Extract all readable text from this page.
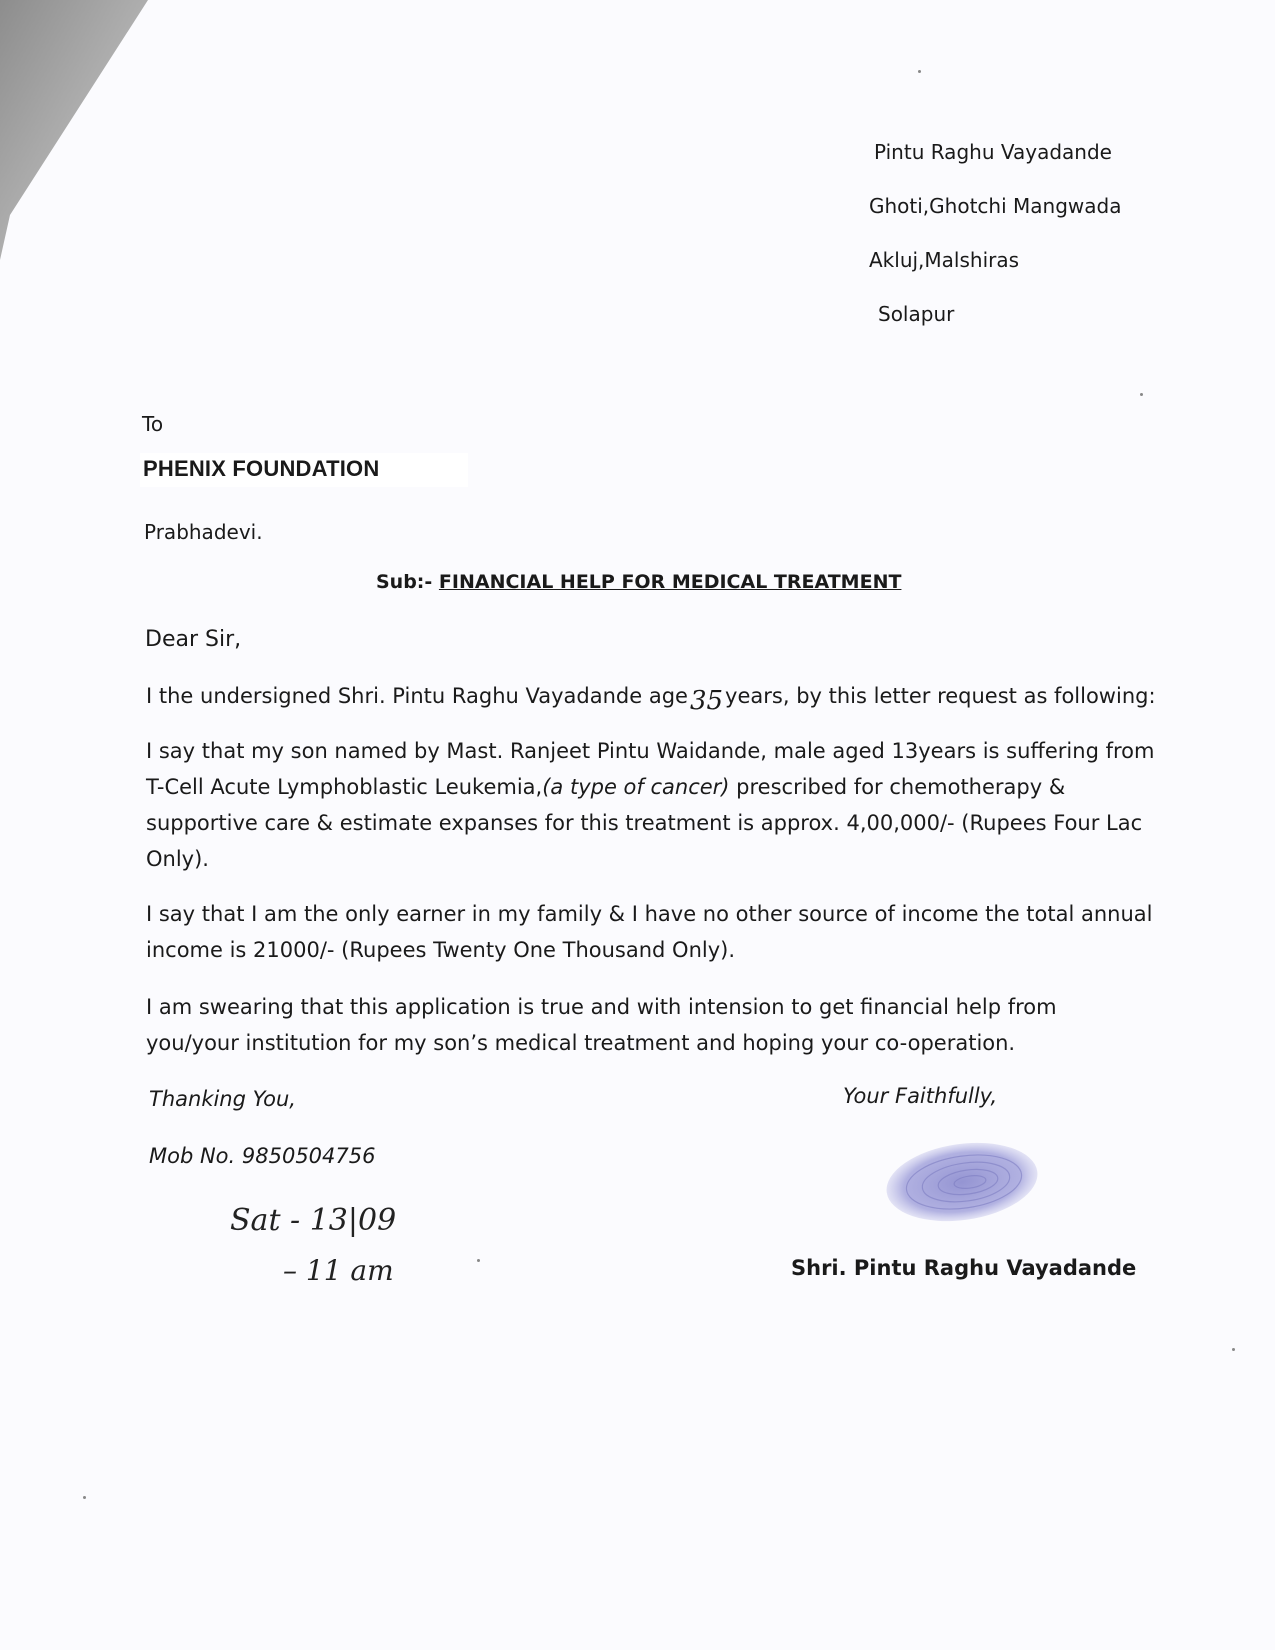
Pintu Raghu Vayadande
Ghoti,Ghotchi Mangwada
Akluj,Malshiras
Solapur
To
PHENIX FOUNDATION
Prabhadevi.
Sub:- FINANCIAL HELP FOR MEDICAL TREATMENT
Dear Sir,
I the undersigned Shri. Pintu Raghu Vayadande age35years, by this letter request as following:
I say that my son named by Mast. Ranjeet Pintu Waidande, male aged 13years is suffering from T-Cell Acute Lymphoblastic Leukemia,(a type of cancer) prescribed for chemotherapy & supportive care & estimate expanses for this treatment is approx. 4,00,000/- (Rupees Four Lac Only).
I say that I am the only earner in my family & I have no other source of income the total annual income is 21000/- (Rupees Twenty One Thousand Only).
I am swearing that this application is true and with intension to get financial help from you/your institution for my son’s medical treatment and hoping your co-operation.
Thanking You,
Mob No. 9850504756
Sat - 13|09
– 11 am
Your Faithfully,
Shri. Pintu Raghu Vayadande
